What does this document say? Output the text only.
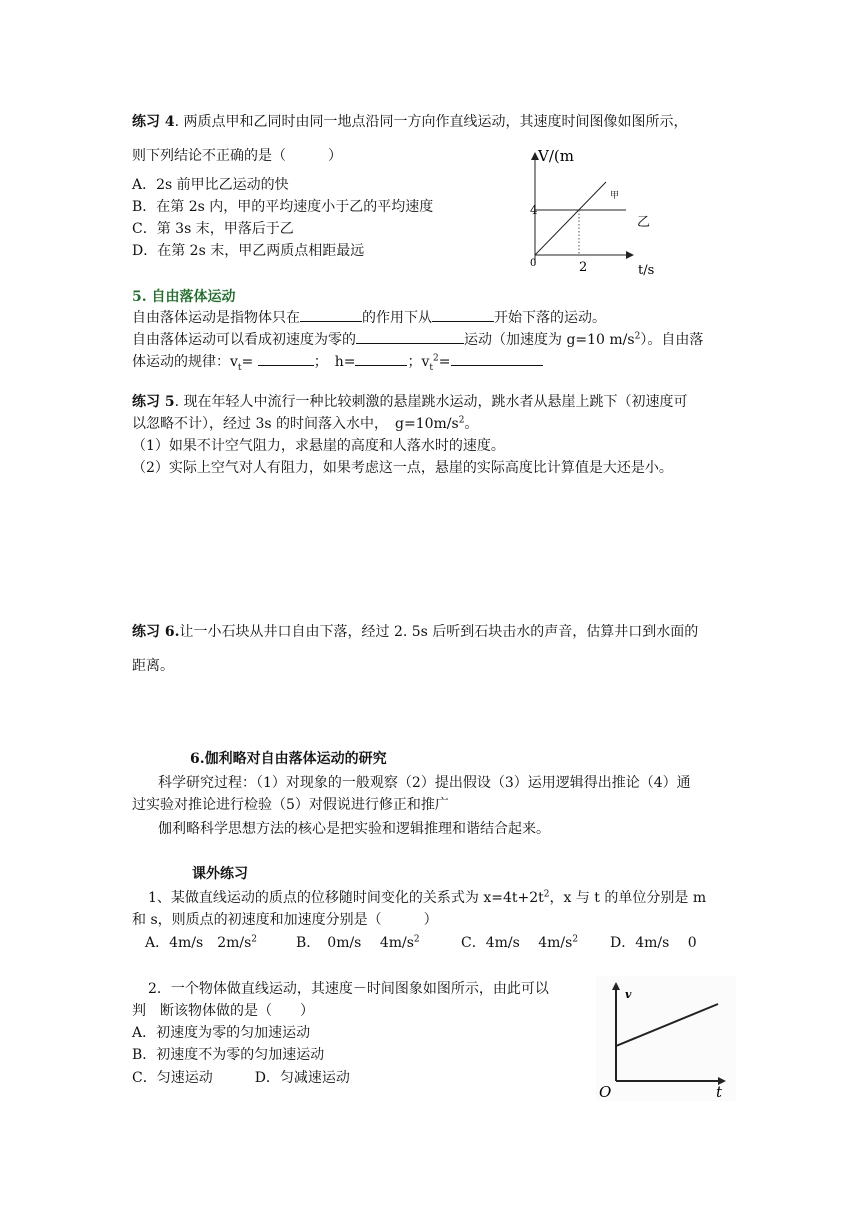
练习 4. 两质点甲和乙同时由同一地点沿同一方向作直线运动，其速度时间图像如图所示，
则下列结论不正确的是（　　　）
A．2s 前甲比乙运动的快
B．在第 2s 内，甲的平均速度小于乙的平均速度
C．第 3s 末，甲落后于乙
D．在第 2s 末，甲乙两质点相距最远
V/(m
t/s
4
2
0
甲
乙
5. 自由落体运动
自由落体运动是指物体只在	的作用下从	开始下落的运动。
自由落体运动可以看成初速度为零的	运动（加速度为 g=10 $m/s^2$）。自由落
体运动的规律：$v_t=$	；　h=	；$v_t^2=$
练习 5. 现在年轻人中流行一种比较刺激的悬崖跳水运动，跳水者从悬崖上跳下（初速度可
以忽略不计），经过 3s 的时间落入水中，　 $g=10m/s^2$。
（1）如果不计空气阻力，求悬崖的高度和人落水时的速度。
（2）实际上空气对人有阻力，如果考虑这一点，悬崖的实际高度比计算值是大还是小。
练习 6.让一小石块从井口自由下落，经过 2. 5s 后听到石块击水的声音，估算井口到水面的
距离。
6.伽利略对自由落体运动的研究
科学研究过程：（1）对现象的一般观察（2）提出假设（3）运用逻辑得出推论（4）通
过实验对推论进行检验（5）对假说进行修正和推广
伽利略科学思想方法的核心是把实验和逻辑推理和谐结合起来。
课外练习
1、某做直线运动的质点的位移随时间变化的关系式为 $x=4t+2t^2$，x 与 t 的单位分别是 m
和 s，则质点的初速度和加速度分别是（　　　）
A．4m/s　$2m/s^2$	B．　0m/s　 $4m/s^2$	C．4m/s　 $4m/s^2$ D．4m/s　 0
2．一个物体做直线运动，其速度－时间图象如图所示，由此可以
判　断该物体做的是（　　）
A．初速度为零的匀加速运动
B．初速度不为零的匀加速运动
C．匀速运动　　　D．匀减速运动
v
t
O
